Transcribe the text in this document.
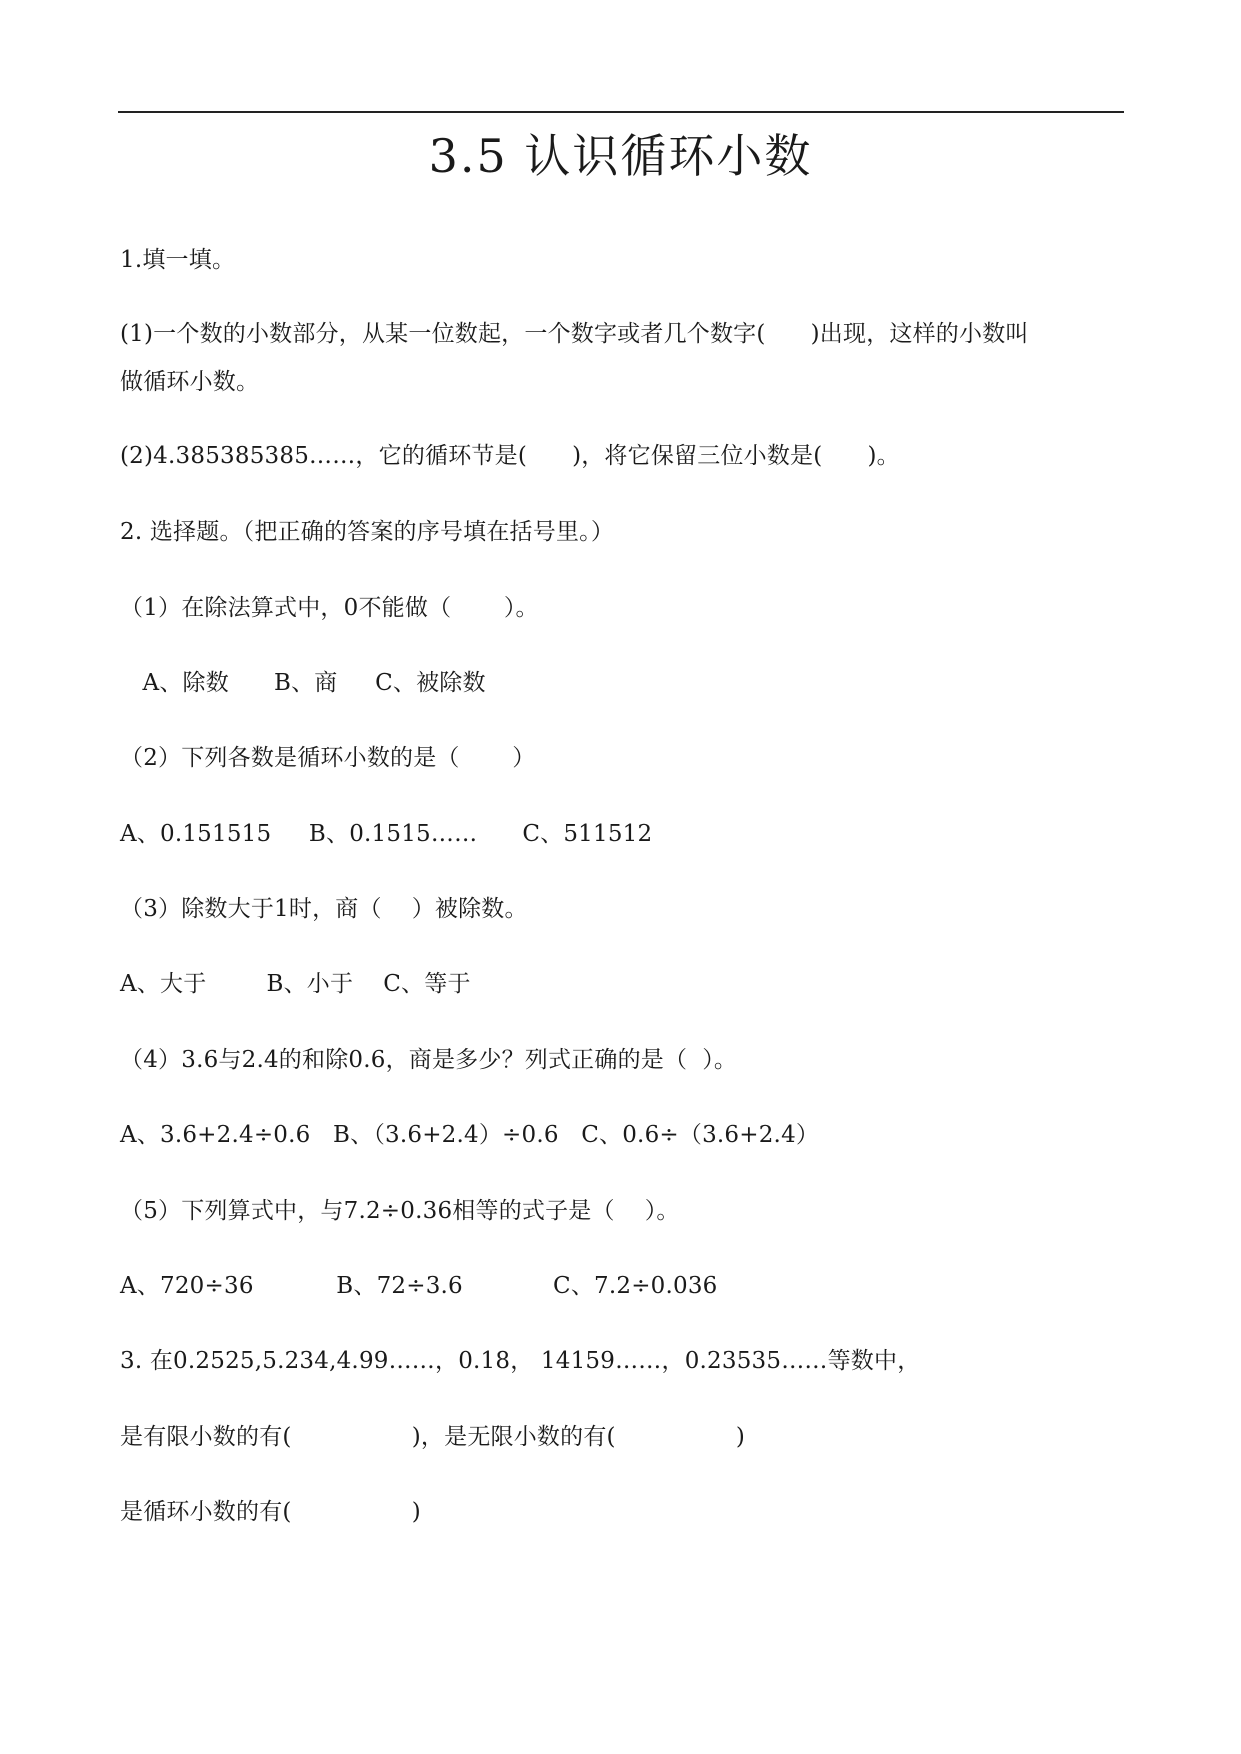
3.5 认识循环小数
1.填一填。
(1)一个数的小数部分，从某一位数起，一个数字或者几个数字(      )出现，这样的小数叫
做循环小数。
(2)4.385385385……，它的循环节是(      )，将它保留三位小数是(      )。
2. 选择题。（把正确的答案的序号填在括号里。）
（1）在除法算式中，0不能做（       ）。
A、除数      B、商     C、被除数
（2）下列各数是循环小数的是（       ）
A、0.151515     B、0.1515……      C、511512
（3）除数大于1时，商（    ）被除数。
A、大于        B、小于    C、等于
（4）3.6与2.4的和除0.6，商是多少？列式正确的是（  ）。
A、3.6+2.4÷0.6   B、（3.6+2.4）÷0.6   C、0.6÷（3.6+2.4）
（5）下列算式中，与7.2÷0.36相等的式子是（    ）。
A、720÷36           B、72÷3.6            C、7.2÷0.036
3. 在0.2525,5.234,4.99……，0.18， 14159……，0.23535……等数中，
是有限小数的有(                )，是无限小数的有(                )
是循环小数的有(                )
